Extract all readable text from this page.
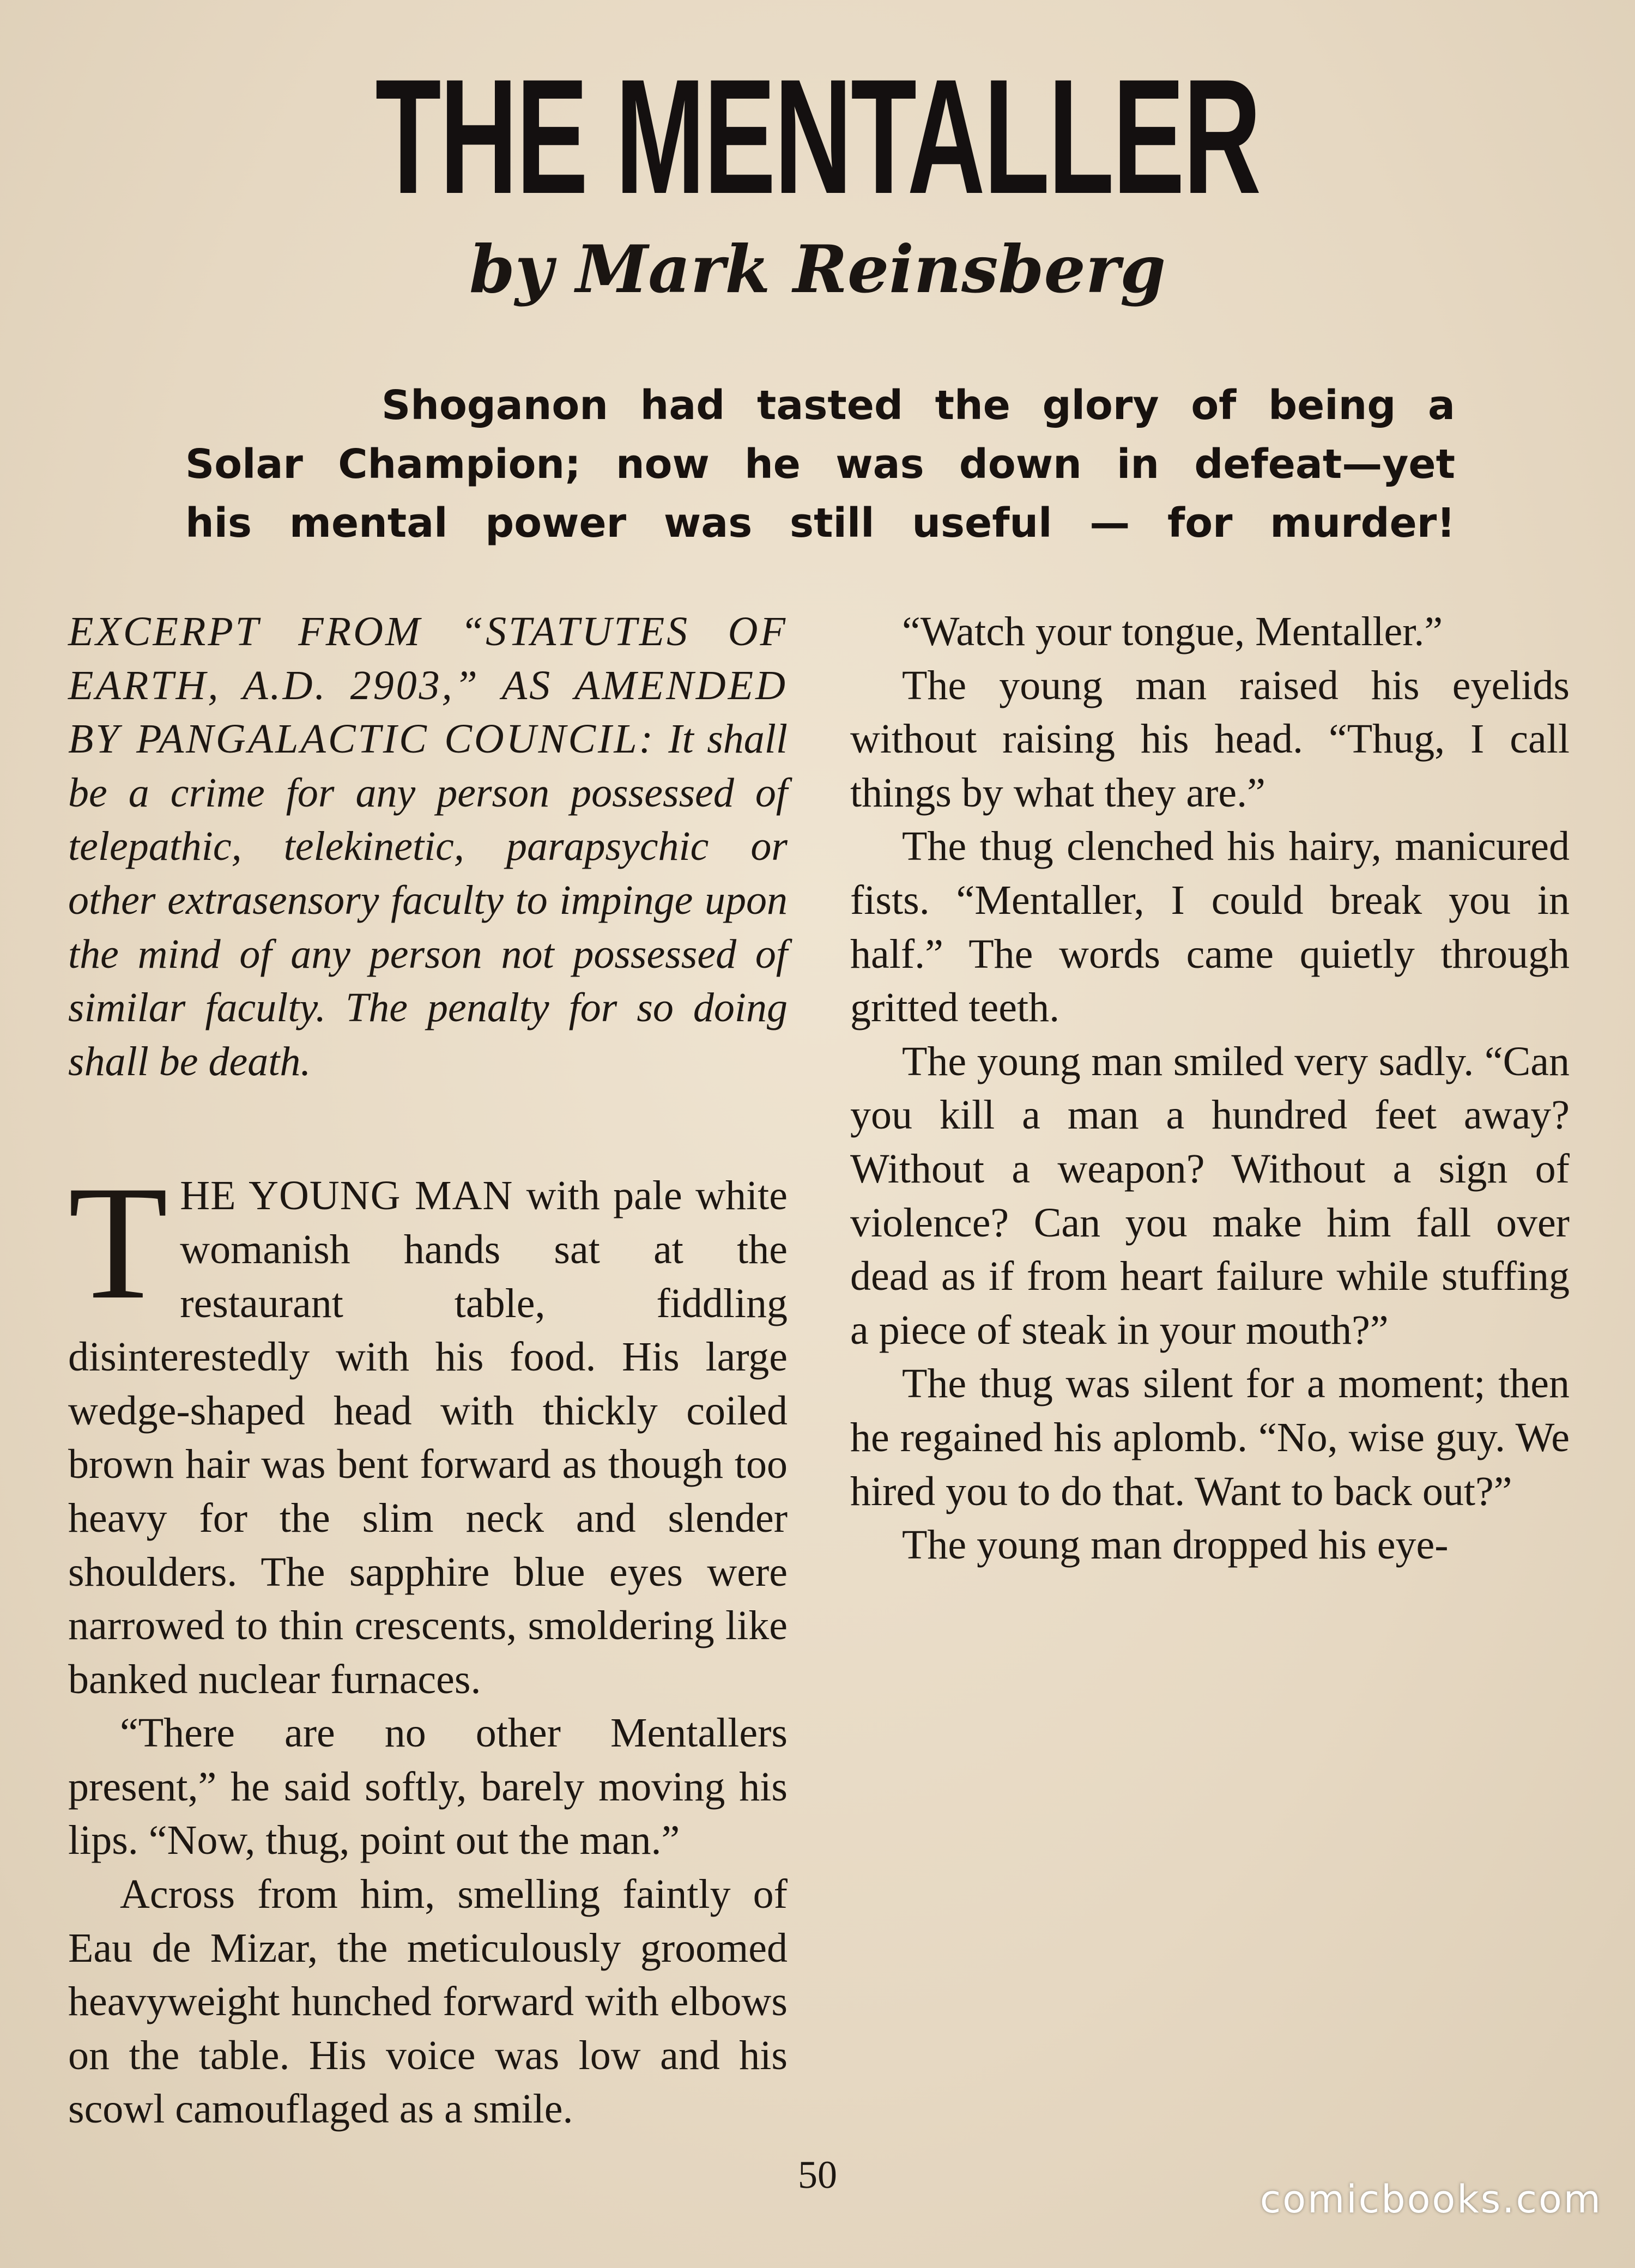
THE MENTALLER
by Mark Reinsberg
Shoganon had tasted the glory of being a
Solar Champion; now he was down in defeat—yet
his mental power was still useful — for murder!

EXCERPT FROM “STATUTES OF EARTH, A.D. 2903,” AS AMENDED BY PANGALACTIC COUNCIL: It shall be a crime for any person possessed of telepathic, telekinetic, parapsychic or other extrasensory faculty to impinge upon the mind of any person not possessed of similar faculty. The penalty for so doing shall be death.

THE YOUNG MAN with pale white womanish hands sat at the restaurant table, fiddling disinterestedly with his food. His large wedge-shaped head with thickly coiled brown hair was bent forward as though too heavy for the slim neck and slender shoulders. The sapphire blue eyes were narrowed to thin crescents, smoldering like banked nuclear furnaces.

“There are no other Mentallers present,” he said softly, barely moving his lips. “Now, thug, point out the man.”

Across from him, smelling faintly of Eau de Mizar, the meticulously groomed heavyweight hunched forward with elbows on the table. His voice was low and his scowl camouflaged as a smile.

“Watch your tongue, Mentaller.”

The young man raised his eyelids without raising his head. “Thug, I call things by what they are.”

The thug clenched his hairy, manicured fists. “Mentaller, I could break you in half.” The words came quietly through gritted teeth.

The young man smiled very sadly. “Can you kill a man a hundred feet away? Without a weapon? Without a sign of violence? Can you make him fall over dead as if from heart failure while stuffing a piece of steak in your mouth?”

The thug was silent for a moment; then he regained his aplomb. “No, wise guy. We hired you to do that. Want to back out?”

The young man dropped his eye-

50
comicbooks.com
